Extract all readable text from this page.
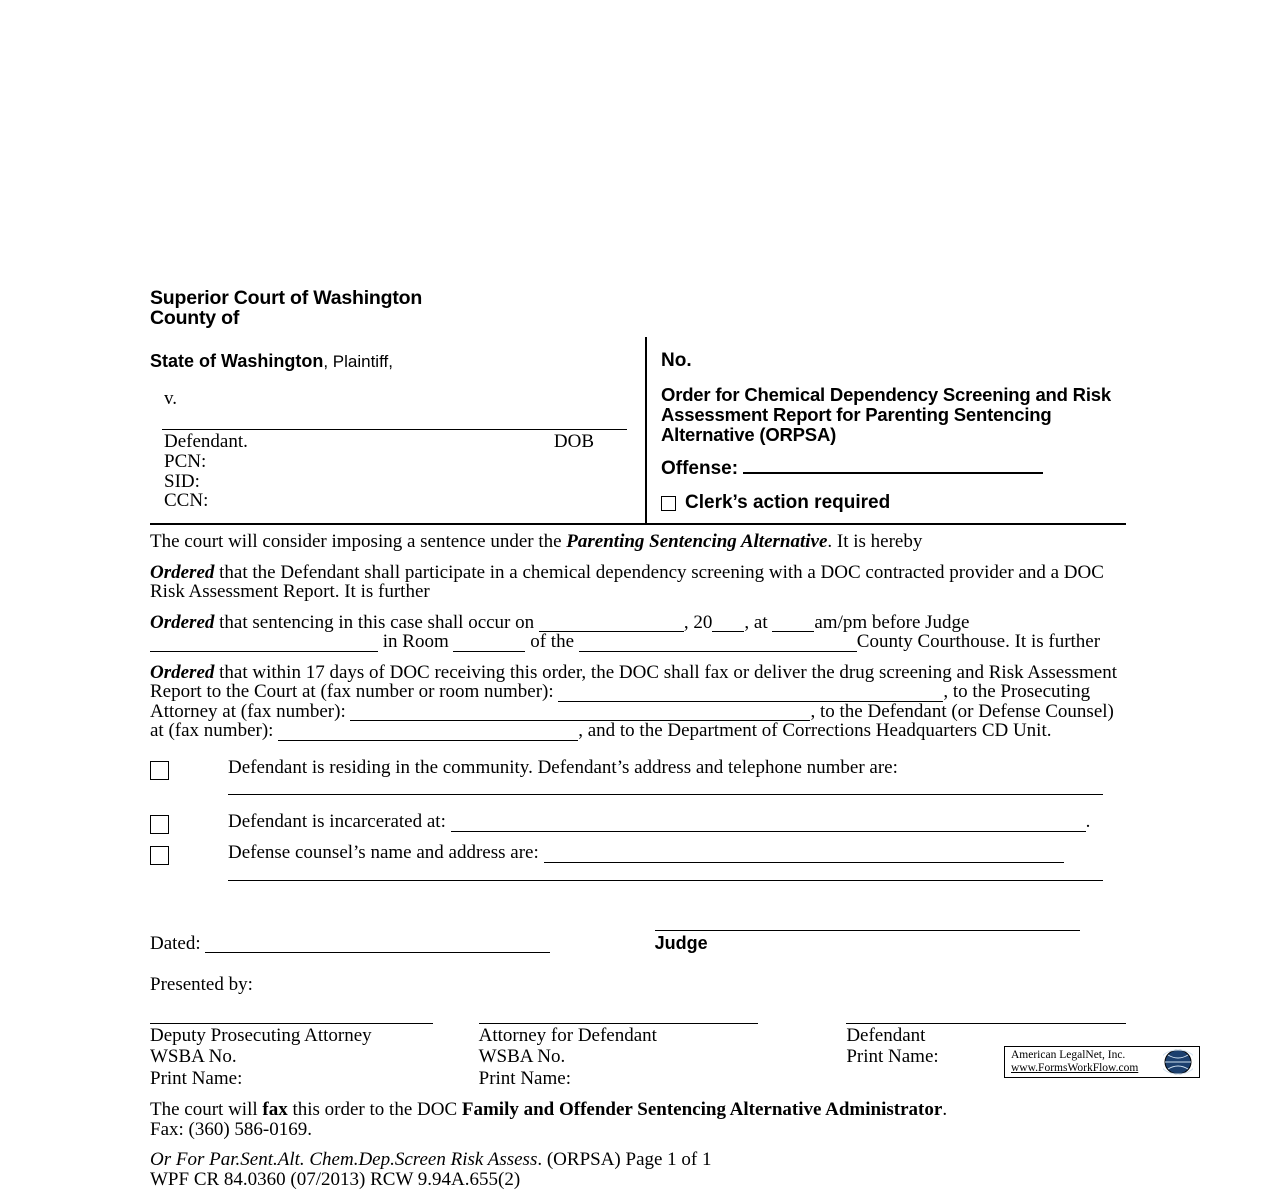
Superior Court of Washington
County of
State of Washington, Plaintiff,
v.
Defendant.	DOB
PCN:
SID:
CCN:
No.
Order for Chemical Dependency Screening and Risk Assessment Report for Parenting Sentencing Alternative (ORPSA)
Offense:
Clerk’s action required
The court will consider imposing a sentence under the Parenting Sentencing Alternative. It is hereby
Ordered that the Defendant shall participate in a chemical dependency screening with a DOC contracted provider and a DOC Risk Assessment Report. It is further
Ordered that sentencing in this case shall occur on	, 20 , at am/pm before Judge
in Room	of the	County Courthouse. It is further
Ordered that within 17 days of DOC receiving this order, the DOC shall fax or deliver the drug screening and Risk Assessment Report to the Court at (fax number or room number):	, to the Prosecuting Attorney at (fax number):	, to the Defendant (or Defense Counsel) at (fax number):	, and to the Department of Corrections Headquarters CD Unit.
Defendant is residing in the community. Defendant’s address and telephone number are:
Defendant is incarcerated at:	.
Defense counsel’s name and address are:
Dated:	Judge
Presented by:
Deputy Prosecuting Attorney
WSBA No.
Print Name:
Attorney for Defendant
WSBA No.
Print Name:
Defendant
Print Name:
The court will fax this order to the DOC Family and Offender Sentencing Alternative Administrator.
Fax: (360) 586-0169.
Or For Par.Sent.Alt. Chem.Dep.Screen Risk Assess. (ORPSA) Page 1 of 1
WPF CR 84.0360 (07/2013) RCW 9.94A.655(2)
American LegalNet, Inc.
www.FormsWorkFlow.com
